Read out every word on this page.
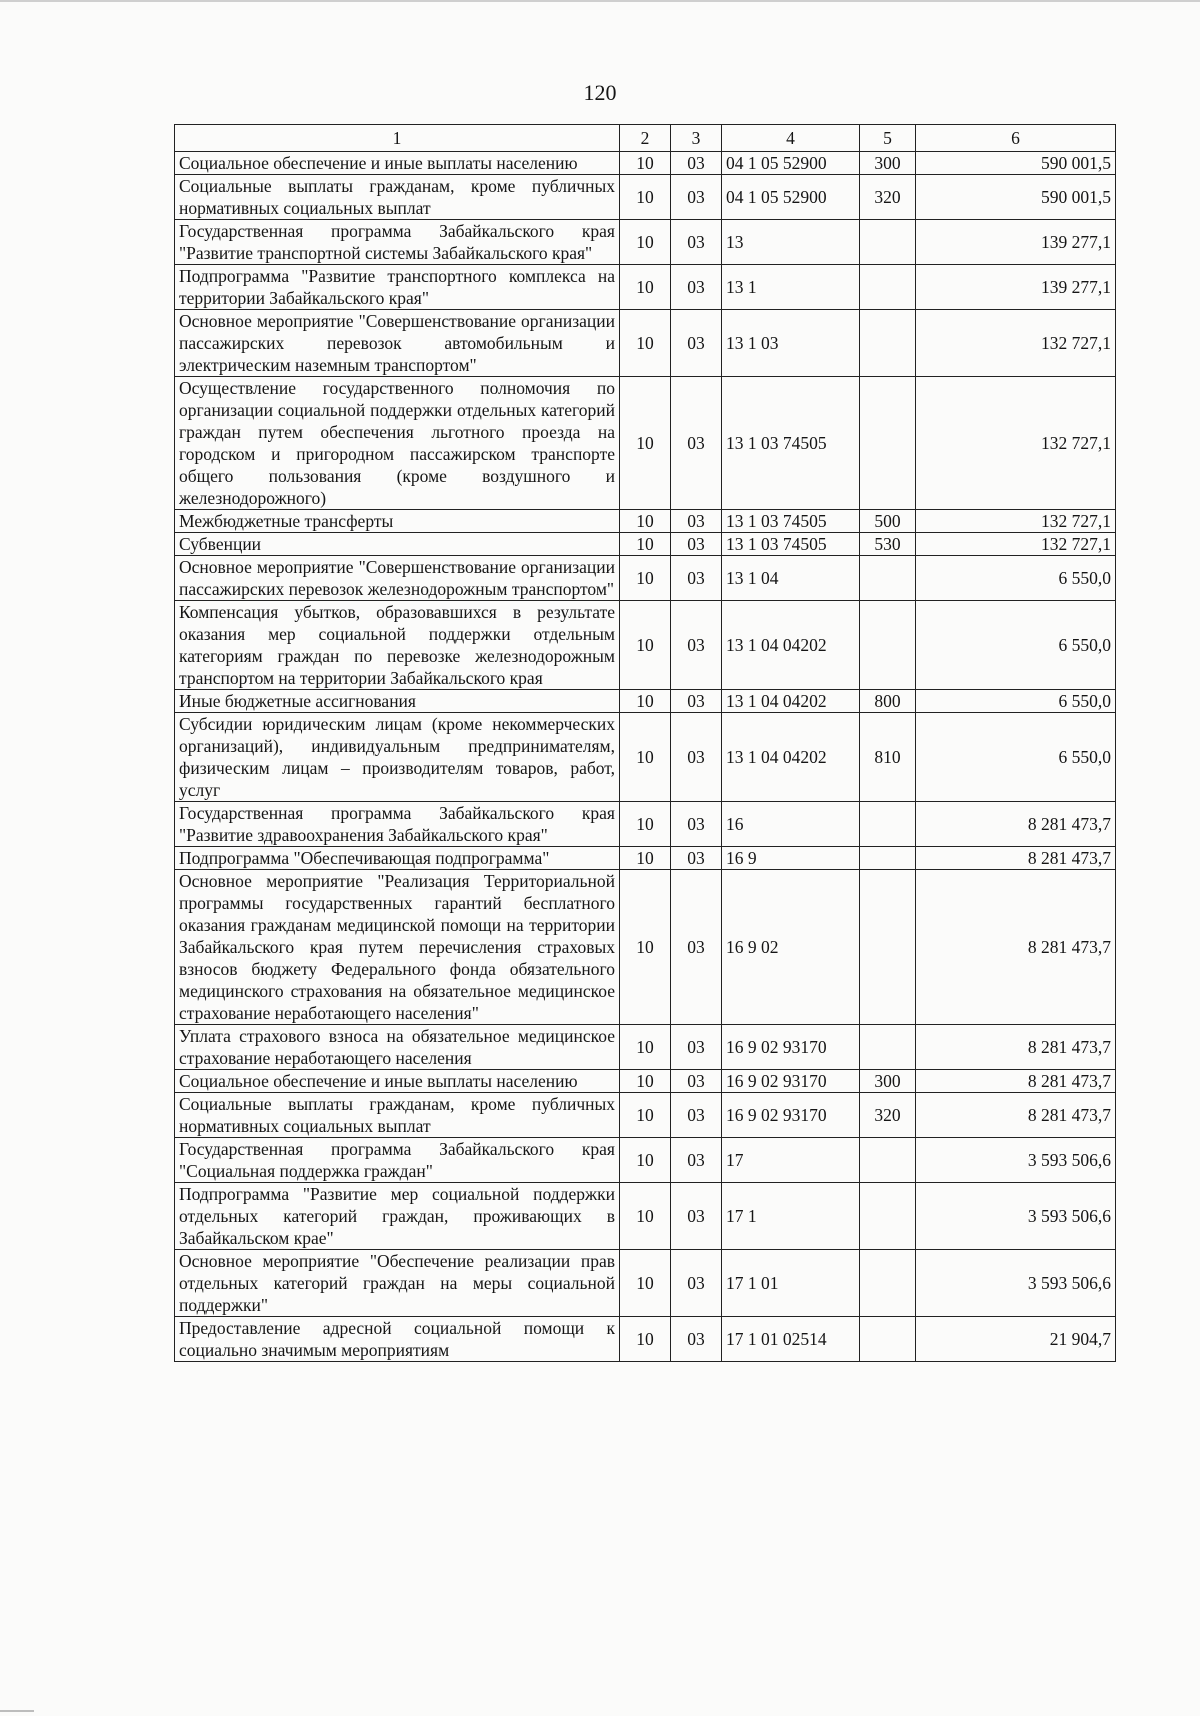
120
1	2	3	4	5	6
Социальное обеспечение и иные выплаты населению	10	03	04 1 05 52900	300	590 001,5
Социальные выплаты гражданам, кроме публичных нормативных социальных выплат	10	03	04 1 05 52900	320	590 001,5
Государственная программа Забайкальского края "Развитие транспортной системы Забайкальского края"	10	03	13		139 277,1
Подпрограмма "Развитие транспортного комплекса на территории Забайкальского края"	10	03	13 1		139 277,1
Основное мероприятие "Совершенствование организации пассажирских перевозок автомобильным и электрическим наземным транспортом"	10	03	13 1 03		132 727,1
Осуществление государственного полномочия по организации социальной поддержки отдельных категорий граждан путем обеспечения льготного проезда на городском и пригородном пассажирском транспорте общего пользования (кроме воздушного и железнодорожного)	10	03	13 1 03 74505		132 727,1
Межбюджетные трансферты	10	03	13 1 03 74505	500	132 727,1
Субвенции	10	03	13 1 03 74505	530	132 727,1
Основное мероприятие "Совершенствование организации пассажирских перевозок железнодорожным транспортом"	10	03	13 1 04		6 550,0
Компенсация убытков, образовавшихся в результате оказания мер социальной поддержки отдельным категориям граждан по перевозке железнодорожным транспортом на территории Забайкальского края	10	03	13 1 04 04202		6 550,0
Иные бюджетные ассигнования	10	03	13 1 04 04202	800	6 550,0
Субсидии юридическим лицам (кроме некоммерческих организаций), индивидуальным предпринимателям, физическим лицам – производителям товаров, работ, услуг	10	03	13 1 04 04202	810	6 550,0
Государственная программа Забайкальского края "Развитие здравоохранения Забайкальского края"	10	03	16		8 281 473,7
Подпрограмма "Обеспечивающая подпрограмма"	10	03	16 9		8 281 473,7
Основное мероприятие "Реализация Территориальной программы государственных гарантий бесплатного оказания гражданам медицинской помощи на территории Забайкальского края путем перечисления страховых взносов бюджету Федерального фонда обязательного медицинского страхования на обязательное медицинское страхование неработающего населения"	10	03	16 9 02		8 281 473,7
Уплата страхового взноса на обязательное медицинское страхование неработающего населения	10	03	16 9 02 93170		8 281 473,7
Социальное обеспечение и иные выплаты населению	10	03	16 9 02 93170	300	8 281 473,7
Социальные выплаты гражданам, кроме публичных нормативных социальных выплат	10	03	16 9 02 93170	320	8 281 473,7
Государственная программа Забайкальского края "Социальная поддержка граждан"	10	03	17		3 593 506,6
Подпрограмма "Развитие мер социальной поддержки отдельных категорий граждан, проживающих в Забайкальском крае"	10	03	17 1		3 593 506,6
Основное мероприятие "Обеспечение реализации прав отдельных категорий граждан на меры социальной поддержки"	10	03	17 1 01		3 593 506,6
Предоставление адресной социальной помощи к социально значимым мероприятиям	10	03	17 1 01 02514		21 904,7
